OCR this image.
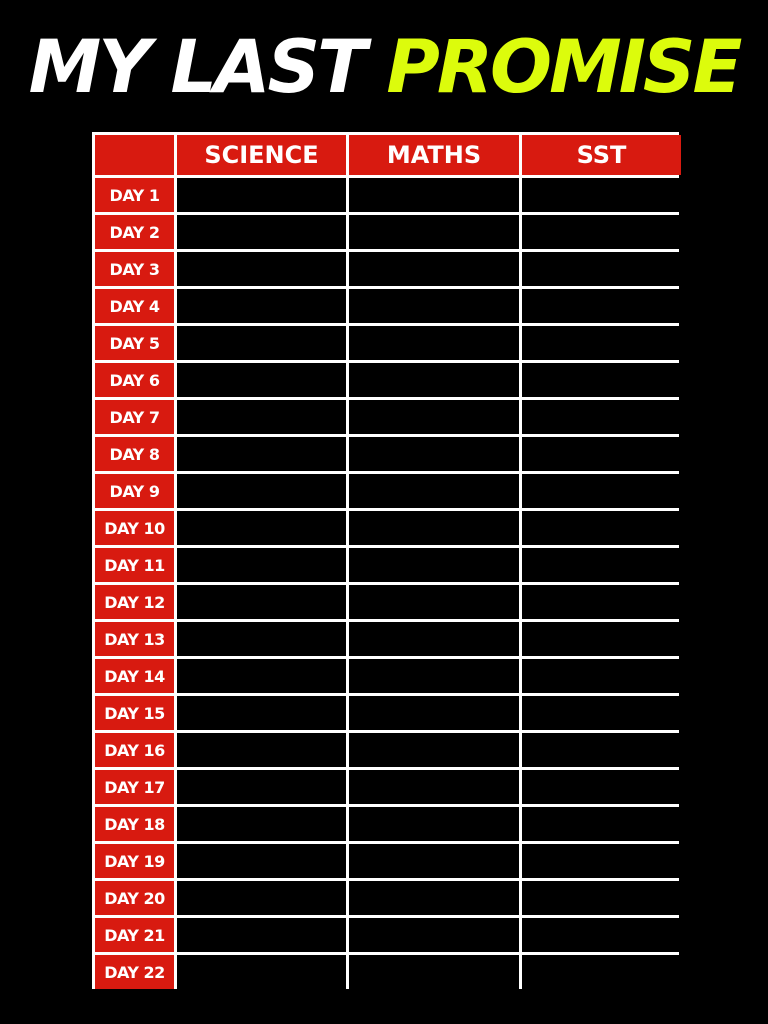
MY LAST PROMISE
SCIENCE	MATHS	SST
DAY 1
DAY 2
DAY 3
DAY 4
DAY 5
DAY 6
DAY 7
DAY 8
DAY 9
DAY 10
DAY 11
DAY 12
DAY 13
DAY 14
DAY 15
DAY 16
DAY 17
DAY 18
DAY 19
DAY 20
DAY 21
DAY 22
